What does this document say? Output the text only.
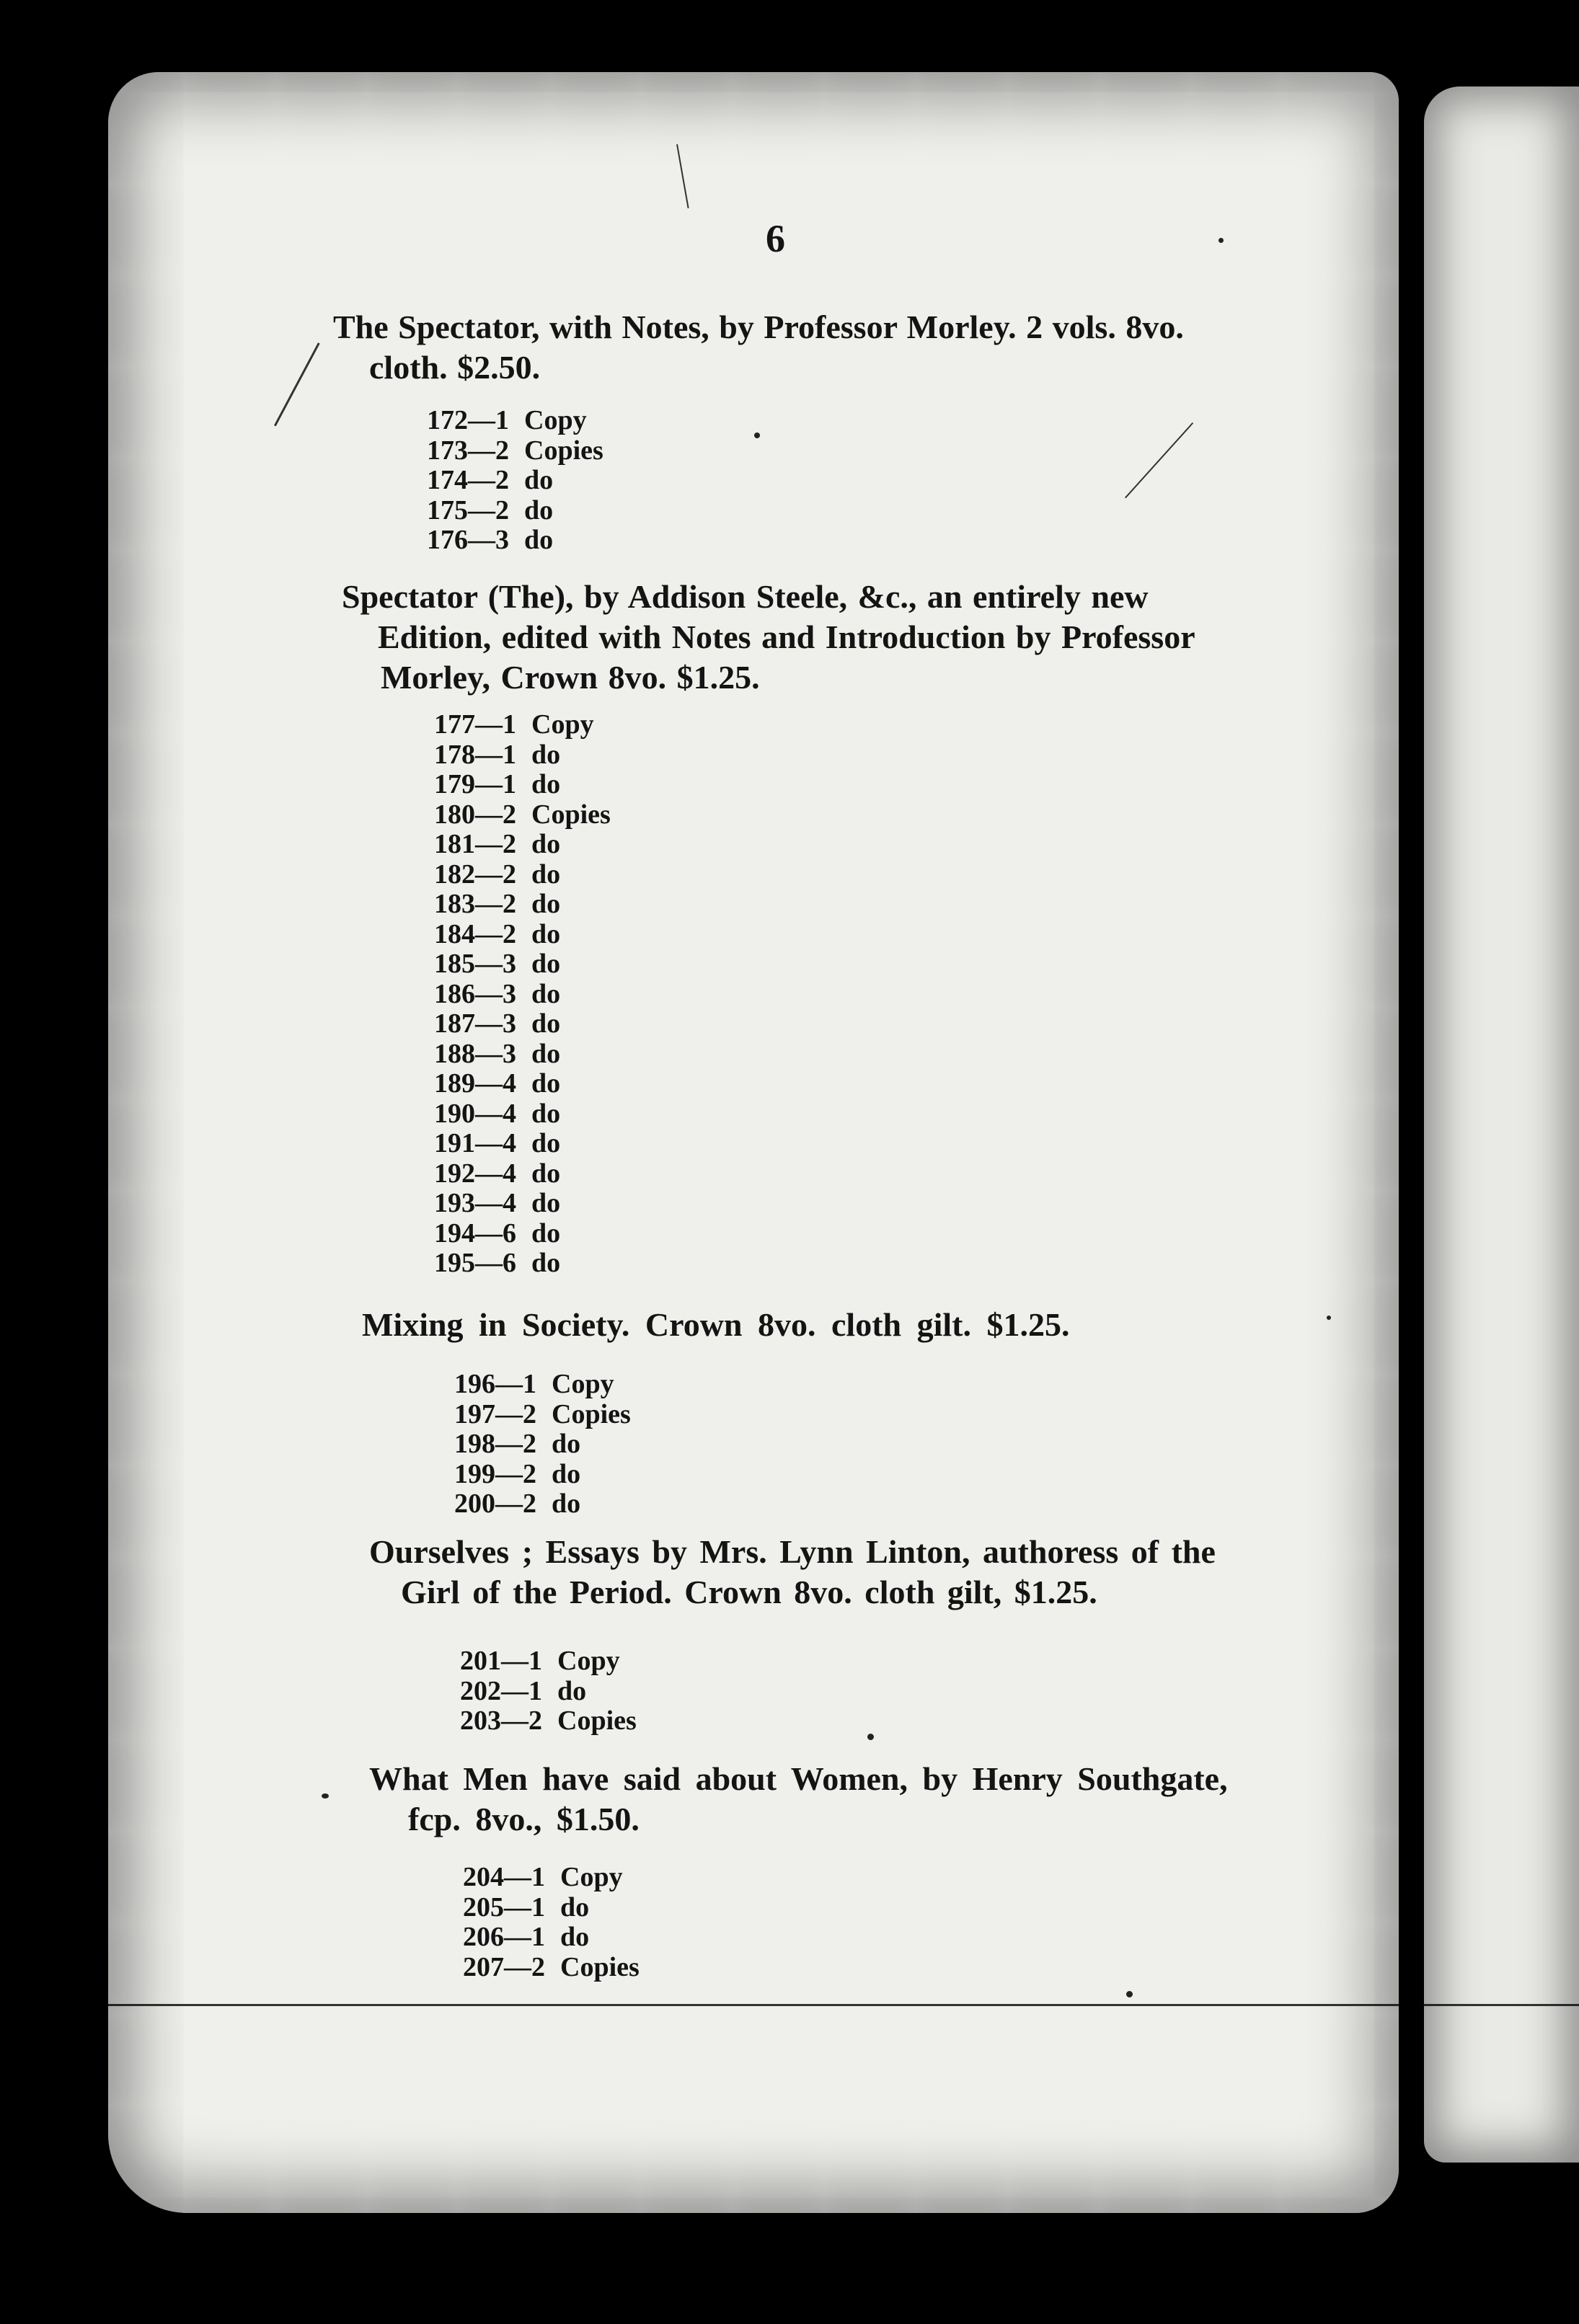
6
The Spectator, with Notes, by Professor Morley. 2 vols. 8vo.
cloth. $2.50.
172—1 Copy
173—2 Copies
174—2 do
175—2 do
176—3 do
Spectator (The), by Addison Steele, &c., an entirely new
Edition, edited with Notes and Introduction by Professor
Morley, Crown 8vo. $1.25.
177—1 Copy
178—1 do
179—1 do
180—2 Copies
181—2 do
182—2 do
183—2 do
184—2 do
185—3 do
186—3 do
187—3 do
188—3 do
189—4 do
190—4 do
191—4 do
192—4 do
193—4 do
194—6 do
195—6 do
Mixing in Society. Crown 8vo. cloth gilt. $1.25.
196—1 Copy
197—2 Copies
198—2 do
199—2 do
200—2 do
Ourselves ; Essays by Mrs. Lynn Linton, authoress of the
Girl of the Period. Crown 8vo. cloth gilt, $1.25.
201—1 Copy
202—1 do
203—2 Copies
What Men have said about Women, by Henry Southgate,
fcp. 8vo., $1.50.
204—1 Copy
205—1 do
206—1 do
207—2 Copies
